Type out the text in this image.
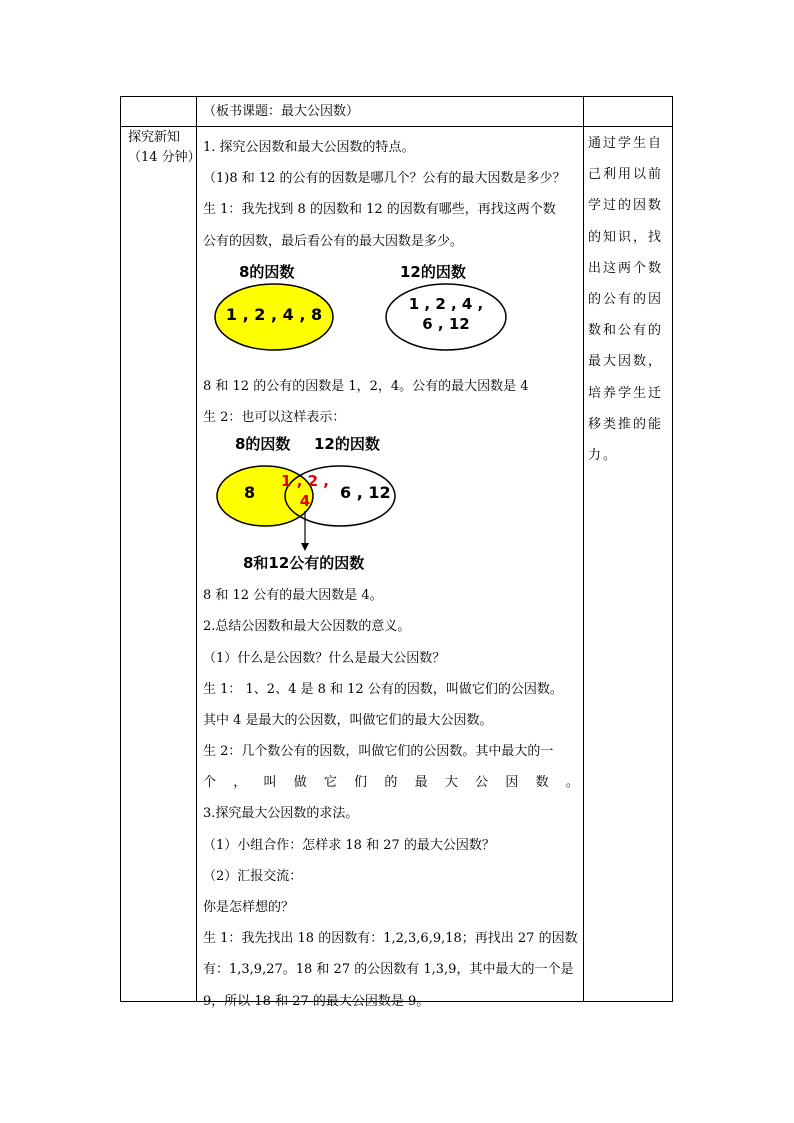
（板书课题：最大公因数）
探究新知
（14 分钟）
通过学生自
己利用以前
学过的因数
的知识，找
出这两个数
的公有的因
数和公有的
最大因数，
培养学生迁
移类推的能
力。
1. 探究公因数和最大公因数的特点。
（1)8 和 12 的公有的因数是哪几个？公有的最大因数是多少？
生 1：我先找到 8 的因数和 12 的因数有哪些，再找这两个数
公有的因数，最后看公有的最大因数是多少。
8的因数	12的因数
1 , 2 , 4 , 8
1 , 2 , 4 ,
6 , 12
8 和 12 的公有的因数是 1，2，4。公有的最大因数是 4
生 2：也可以这样表示：
8的因数 12的因数
8
1 , 2 ,
4	6 , 12
8和12公有的因数
8 和 12 公有的最大因数是 4。
2.总结公因数和最大公因数的意义。
（1）什么是公因数？什么是最大公因数？
生 1： 1、2、4 是 8 和 12 公有的因数，叫做它们的公因数。
其中 4 是最大的公因数，叫做它们的最大公因数。
生 2：几个数公有的因数，叫做它们的公因数。其中最大的一
个 ， 叫 做 它 们 的 最 大 公 因 数 。
3.探究最大公因数的求法。
（1）小组合作：怎样求 18 和 27 的最大公因数？
（2）汇报交流：
你是怎样想的？
生 1：我先找出 18 的因数有：1,2,3,6,9,18；再找出 27 的因数
有：1,3,9,27。18 和 27 的公因数有 1,3,9，其中最大的一个是
9，所以 18 和 27 的最大公因数是 9。
